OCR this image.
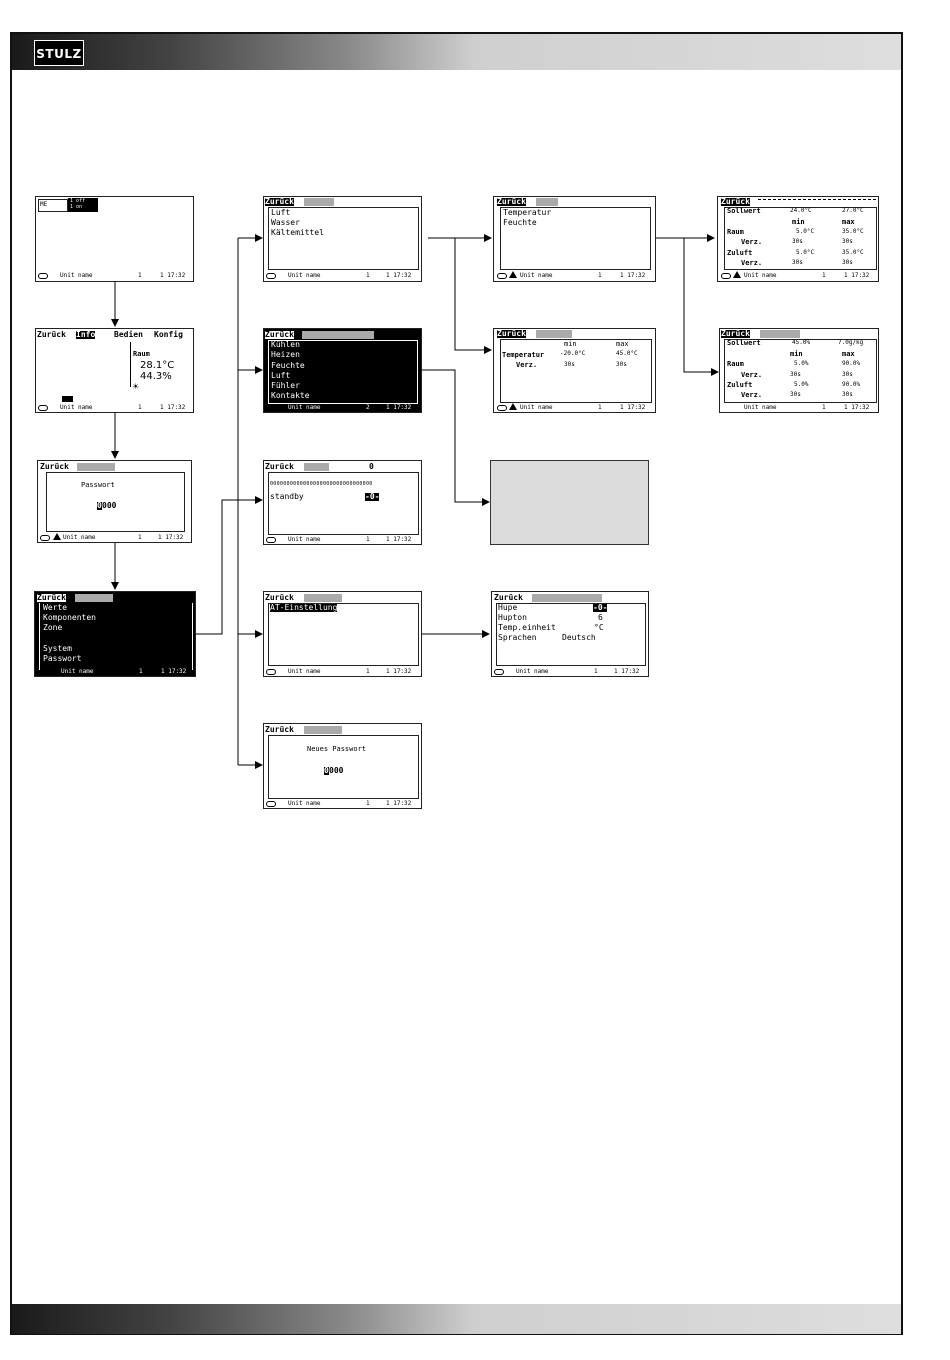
STULZ
ME	1 off
1 on
Unit name	1	1 17:32
Zurück Info Bedien Konfig
Raum
28.1°C
44.3%
☀
Unit name	1	1 17:32
Zurück
Passwort
0 000
Unit name	1	1 17:32
Zurück
Werte
Komponenten
Zone
System
Passwort
Unit name	1	1 17:32
Zurück
Luft
Wasser
Kältemittel
Unit name	1	1 17:32
Zurück
Kühlen
Heizen
Feuchte
Luft
Fühler
Kontakte
Unit name	2	1 17:32
Zurück	0
0000000000000000000000000000000
standby	-0-
Unit name	1	1 17:32
Zurück
AT-Einstellung
Unit name	1	1 17:32
Zurück
Neues Passwort
0 000
Unit name	1	1 17:32
Zurück
Temperatur
Feuchte
Unit name	1	1 17:32
Zurück
min	max
Temperatur	-20.0°C	45.0°C
Verz.	30s	30s
Unit name	1	1 17:32
Zurück
Hupe	-0-
Hupton	6
Temp.einheit	°C
Sprachen	Deutsch
Unit name	1	1 17:32
Zurück
Sollwert	24.0°C	27.0°C
min	max
Raum	5.0°C	35.0°C
Verz.	30s	30s
Zuluft	5.0°C	35.0°C
Verz.	30s	30s
Unit name	1	1 17:32
Zurück
Sollwert	45.0%	7.0g/kg
min	max
Raum	5.0%	90.0%
Verz.	30s	30s
Zuluft	5.0%	90.0%
Verz.	30s	30s
Unit name	1	1 17:32
